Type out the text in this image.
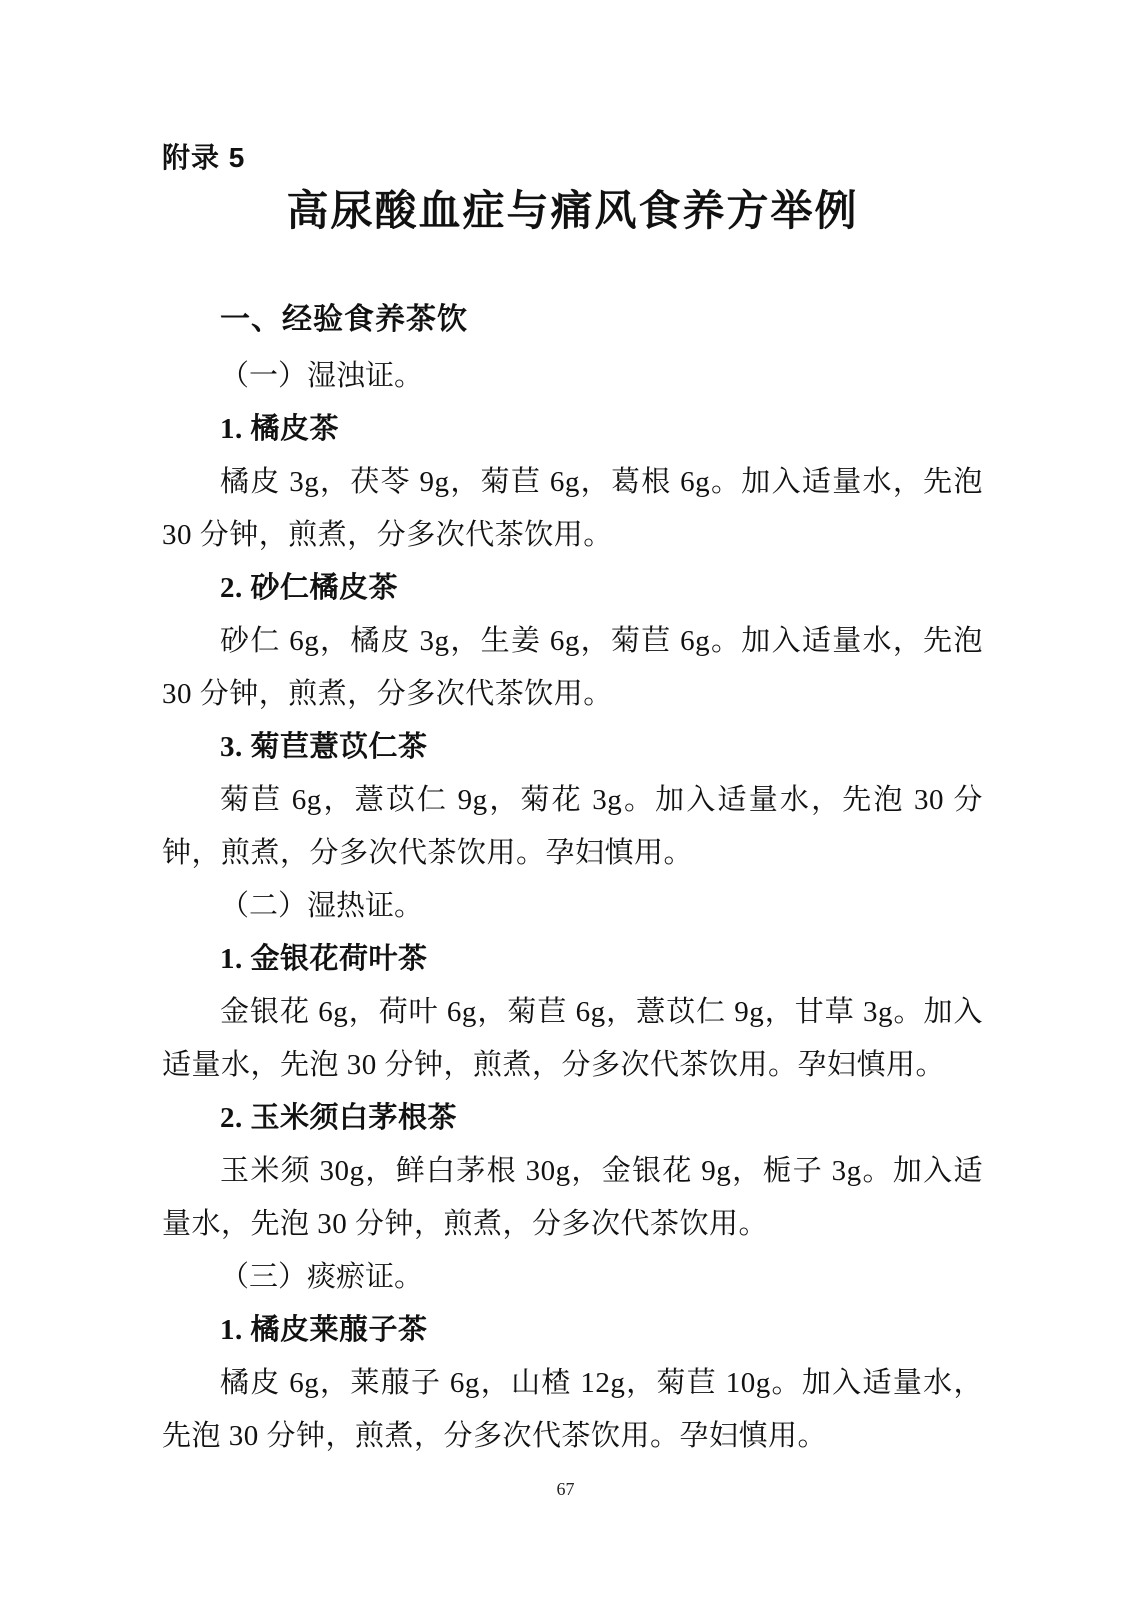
附录 5
高尿酸血症与痛风食养方举例
一、经验食养茶饮

（一）湿浊证。

1. 橘皮茶

橘皮 3g，茯苓 9g，菊苣 6g，葛根 6g。加入适量水，先泡 30 分钟，煎煮，分多次代茶饮用。

2. 砂仁橘皮茶

砂仁 6g，橘皮 3g，生姜 6g，菊苣 6g。加入适量水，先泡 30 分钟，煎煮，分多次代茶饮用。

3. 菊苣薏苡仁茶

菊苣 6g，薏苡仁 9g，菊花 3g。加入适量水，先泡 30 分钟，煎煮，分多次代茶饮用。孕妇慎用。

（二）湿热证。

1. 金银花荷叶茶

金银花 6g，荷叶 6g，菊苣 6g，薏苡仁 9g，甘草 3g。加入适量水，先泡 30 分钟，煎煮，分多次代茶饮用。孕妇慎用。

2. 玉米须白茅根茶

玉米须 30g，鲜白茅根 30g，金银花 9g，栀子 3g。加入适量水，先泡 30 分钟，煎煮，分多次代茶饮用。

（三）痰瘀证。

1. 橘皮莱菔子茶

橘皮 6g，莱菔子 6g，山楂 12g，菊苣 10g。加入适量水，先泡 30 分钟，煎煮，分多次代茶饮用。孕妇慎用。

67
